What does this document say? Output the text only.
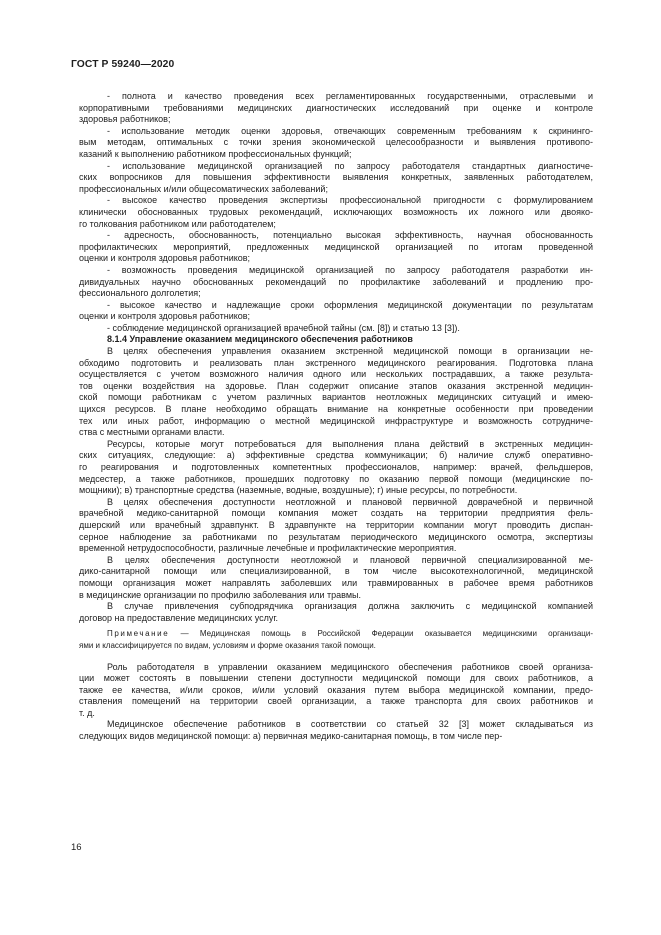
ГОСТ Р 59240—2020
- полнота и качество проведения всех регламентированных государственными, отраслевыми и
корпоративными требованиями медицинских диагностических исследований при оценке и контроле
здоровья работников;
- использование методик оценки здоровья, отвечающих современным требованиям к скрининго-
вым методам, оптимальных с точки зрения экономической целесообразности и выявления противопо-
казаний к выполнению работником профессиональных функций;
- использование медицинской организацией по запросу работодателя стандартных диагностиче-
ских вопросников для повышения эффективности выявления конкретных, заявленных работодателем,
профессиональных и/или общесоматических заболеваний;
- высокое качество проведения экспертизы профессиональной пригодности с формулированием
клинически обоснованных трудовых рекомендаций, исключающих возможность их ложного или двояко-
го толкования работником или работодателем;
- адресность, обоснованность, потенциально высокая эффективность, научная обоснованность
профилактических мероприятий, предложенных медицинской организацией по итогам проведенной
оценки и контроля здоровья работников;
- возможность проведения медицинской организацией по запросу работодателя разработки ин-
дивидуальных научно обоснованных рекомендаций по профилактике заболеваний и продлению про-
фессионального долголетия;
- высокое качество и надлежащие сроки оформления медицинской документации по результатам
оценки и контроля здоровья работников;
- соблюдение медицинской организацией врачебной тайны (см. [8]) и статью 13 [3]).
8.1.4 Управление оказанием медицинского обеспечения работников
В целях обеспечения управления оказанием экстренной медицинской помощи в организации не-
обходимо подготовить и реализовать план экстренного медицинского реагирования. Подготовка плана
осуществляется с учетом возможного наличия одного или нескольких пострадавших, а также результа-
тов оценки воздействия на здоровье. План содержит описание этапов оказания экстренной медицин-
ской помощи работникам с учетом различных вариантов неотложных медицинских ситуаций и имею-
щихся ресурсов. В плане необходимо обращать внимание на конкретные особенности при проведении
тех или иных работ, информацию о местной медицинской инфраструктуре и возможность сотрудниче-
ства с местными органами власти.
Ресурсы, которые могут потребоваться для выполнения плана действий в экстренных медицин-
ских ситуациях, следующие: а) эффективные средства коммуникации; б) наличие служб оперативно-
го реагирования и подготовленных компетентных профессионалов, например: врачей, фельдшеров,
медсестер, а также работников, прошедших подготовку по оказанию первой помощи (медицинские по-
мощники); в) транспортные средства (наземные, водные, воздушные); г) иные ресурсы, по потребности.
В целях обеспечения доступности неотложной и плановой первичной доврачебной и первичной
врачебной медико-санитарной помощи компания может создать на территории предприятия фель-
дшерский или врачебный здравпункт. В здравпункте на территории компании могут проводить диспан-
серное наблюдение за работниками по результатам периодического медицинского осмотра, экспертизы
временной нетрудоспособности, различные лечебные и профилактические мероприятия.
В целях обеспечения доступности неотложной и плановой первичной специализированной ме-
дико-санитарной помощи или специализированной, в том числе высокотехнологичной, медицинской
помощи организация может направлять заболевших или травмированных в рабочее время работников
в медицинские организации по профилю заболевания или травмы.
В случае привлечения субподрядчика организация должна заключить с медицинской компанией
договор на предоставление медицинских услуг.
Примечание — Медицинская помощь в Российской Федерации оказывается медицинскими организаци-
ями и классифицируется по видам, условиям и форме оказания такой помощи.
Роль работодателя в управлении оказанием медицинского обеспечения работников своей организа-
ции может состоять в повышении степени доступности медицинской помощи для своих работников, а
также ее качества, и/или сроков, и/или условий оказания путем выбора медицинской компании, предо-
ставления помещений на территории своей организации, а также транспорта для своих работников и
т. д.
Медицинское обеспечение работников в соответствии со статьей 32 [3] может складываться из
следующих видов медицинской помощи: а) первичная медико-санитарная помощь, в том числе пер-
16
